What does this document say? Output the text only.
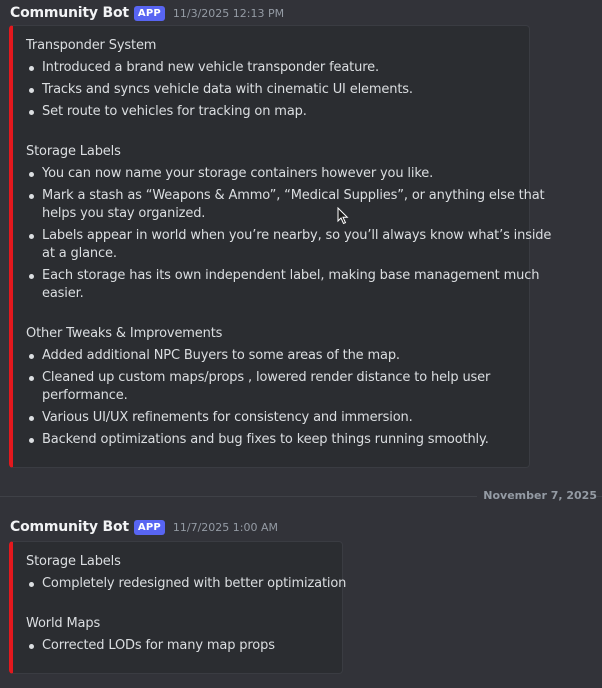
Community Bot APP	11/3/2025 12:13 PM
Transponder System
Introduced a brand new vehicle transponder feature.
Tracks and syncs vehicle data with cinematic UI elements.
Set route to vehicles for tracking on map.
Storage Labels
You can now name your storage containers however you like.
Mark a stash as “Weapons & Ammo”, “Medical Supplies”, or anything else that
helps you stay organized.
Labels appear in world when you’re nearby, so you’ll always know what’s inside
at a glance.
Each storage has its own independent label, making base management much
easier.
Other Tweaks & Improvements
Added additional NPC Buyers to some areas of the map.
Cleaned up custom maps/props , lowered render distance to help user
performance.
Various UI/UX refinements for consistency and immersion.
Backend optimizations and bug fixes to keep things running smoothly.
November 7, 2025
Community Bot APP	11/7/2025 1:00 AM
Storage Labels
Completely redesigned with better optimization
World Maps
Corrected LODs for many map props
